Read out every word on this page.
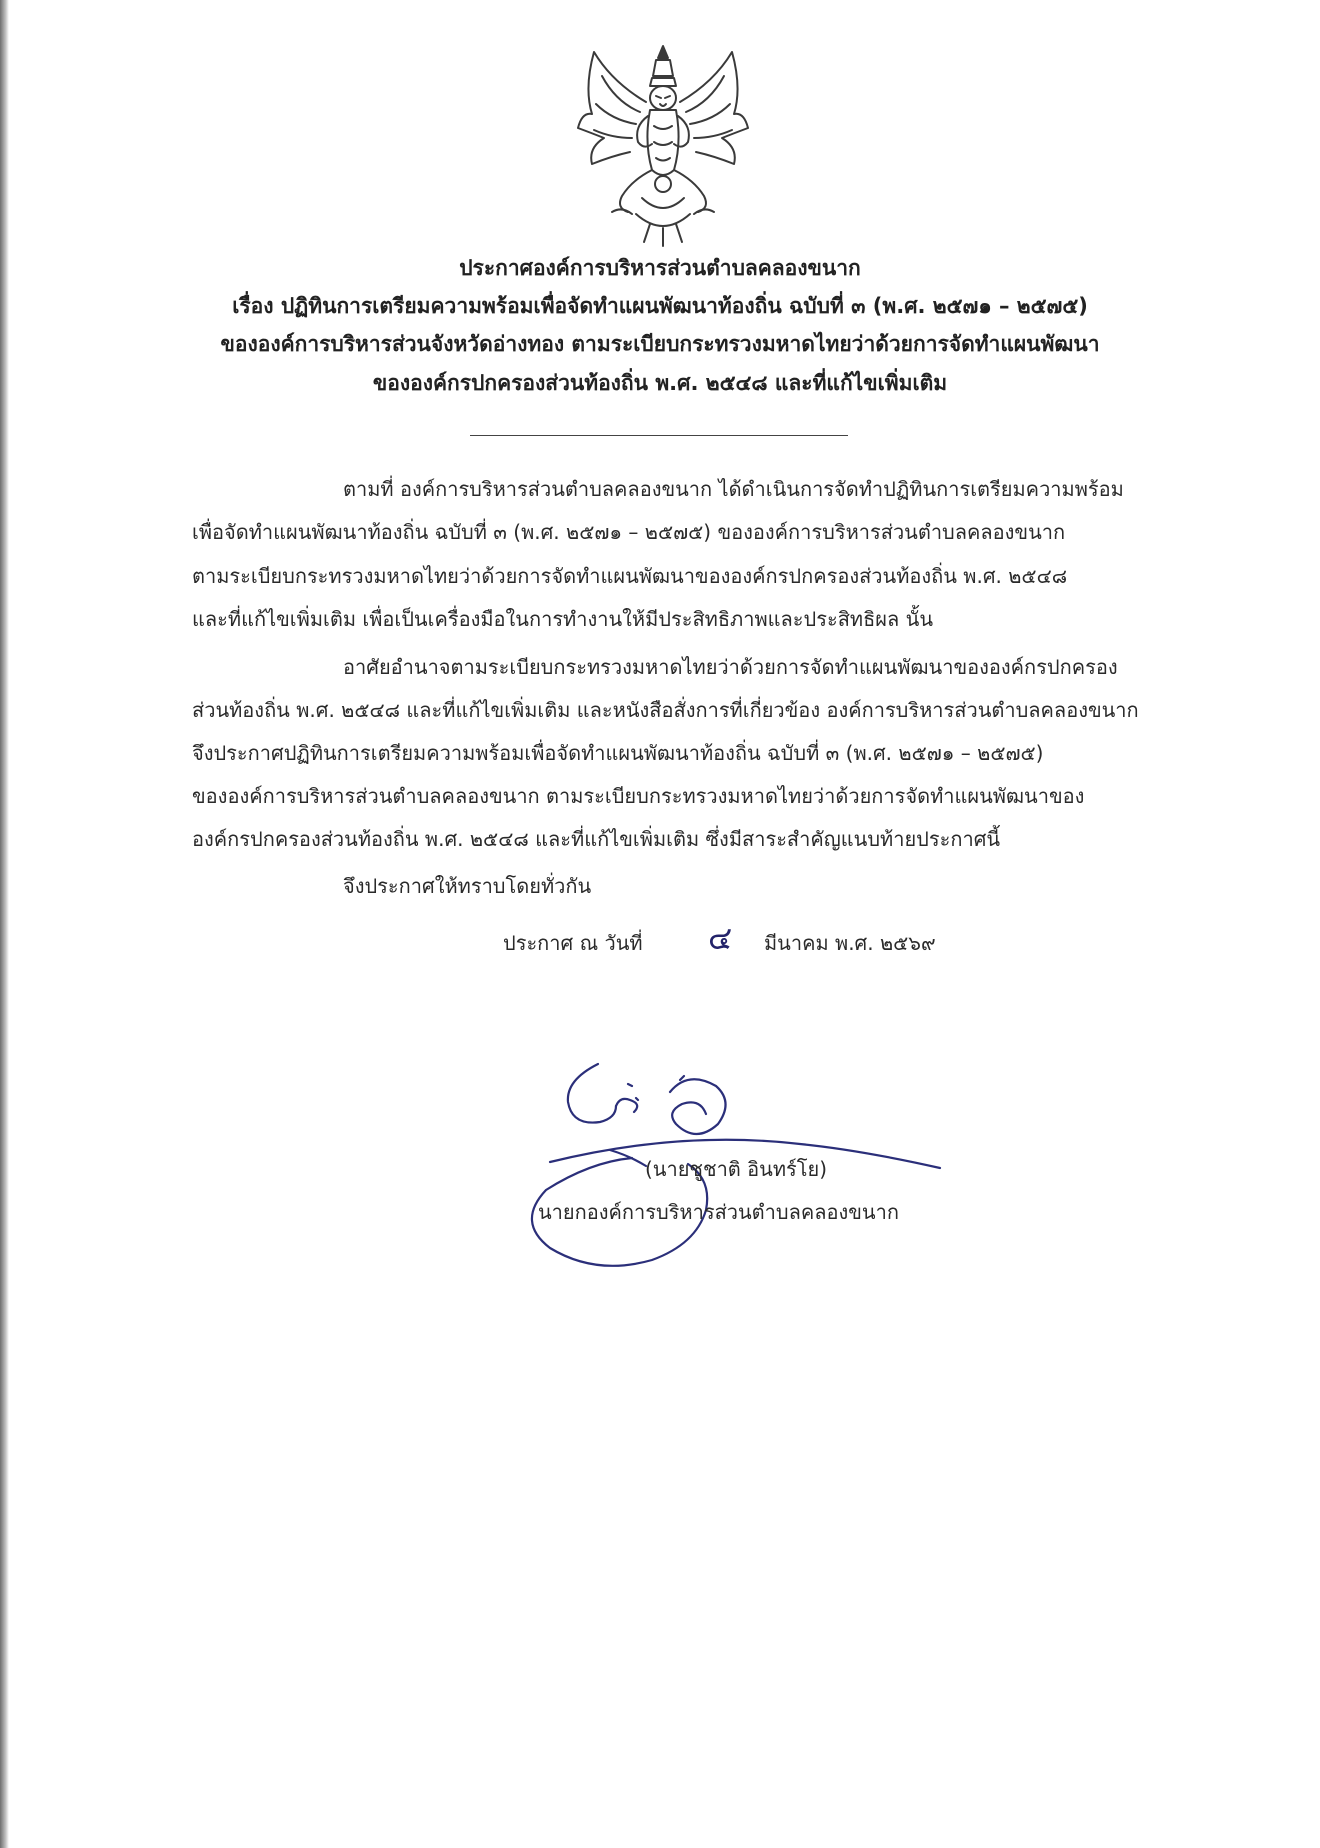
ประกาศองค์การบริหารส่วนตำบลคลองขนาก
เรื่อง ปฏิทินการเตรียมความพร้อมเพื่อจัดทำแผนพัฒนาท้องถิ่น ฉบับที่ ๓ (พ.ศ. ๒๕๗๑ – ๒๕๗๕)
ขององค์การบริหารส่วนจังหวัดอ่างทอง ตามระเบียบกระทรวงมหาดไทยว่าด้วยการจัดทำแผนพัฒนา
ขององค์กรปกครองส่วนท้องถิ่น พ.ศ. ๒๕๔๘ และที่แก้ไขเพิ่มเติม
ตามที่ องค์การบริหารส่วนตำบลคลองขนาก ได้ดำเนินการจัดทำปฏิทินการเตรียมความพร้อม
เพื่อจัดทำแผนพัฒนาท้องถิ่น ฉบับที่ ๓ (พ.ศ. ๒๕๗๑ – ๒๕๗๕) ขององค์การบริหารส่วนตำบลคลองขนาก
ตามระเบียบกระทรวงมหาดไทยว่าด้วยการจัดทำแผนพัฒนาขององค์กรปกครองส่วนท้องถิ่น พ.ศ. ๒๕๔๘
และที่แก้ไขเพิ่มเติม เพื่อเป็นเครื่องมือในการทำงานให้มีประสิทธิภาพและประสิทธิผล นั้น
อาศัยอำนาจตามระเบียบกระทรวงมหาดไทยว่าด้วยการจัดทำแผนพัฒนาขององค์กรปกครอง
ส่วนท้องถิ่น พ.ศ. ๒๕๔๘ และที่แก้ไขเพิ่มเติม และหนังสือสั่งการที่เกี่ยวข้อง องค์การบริหารส่วนตำบลคลองขนาก
จึงประกาศปฏิทินการเตรียมความพร้อมเพื่อจัดทำแผนพัฒนาท้องถิ่น ฉบับที่ ๓ (พ.ศ. ๒๕๗๑ – ๒๕๗๕)
ขององค์การบริหารส่วนตำบลคลองขนาก ตามระเบียบกระทรวงมหาดไทยว่าด้วยการจัดทำแผนพัฒนาของ
องค์กรปกครองส่วนท้องถิ่น พ.ศ. ๒๕๔๘ และที่แก้ไขเพิ่มเติม ซึ่งมีสาระสำคัญแนบท้ายประกาศนี้
จึงประกาศให้ทราบโดยทั่วกัน
ประกาศ ณ วันที่ ๔ มีนาคม พ.ศ. ๒๕๖๙
(นายชูชาติ อินทร์โย)
นายกองค์การบริหารส่วนตำบลคลองขนาก
